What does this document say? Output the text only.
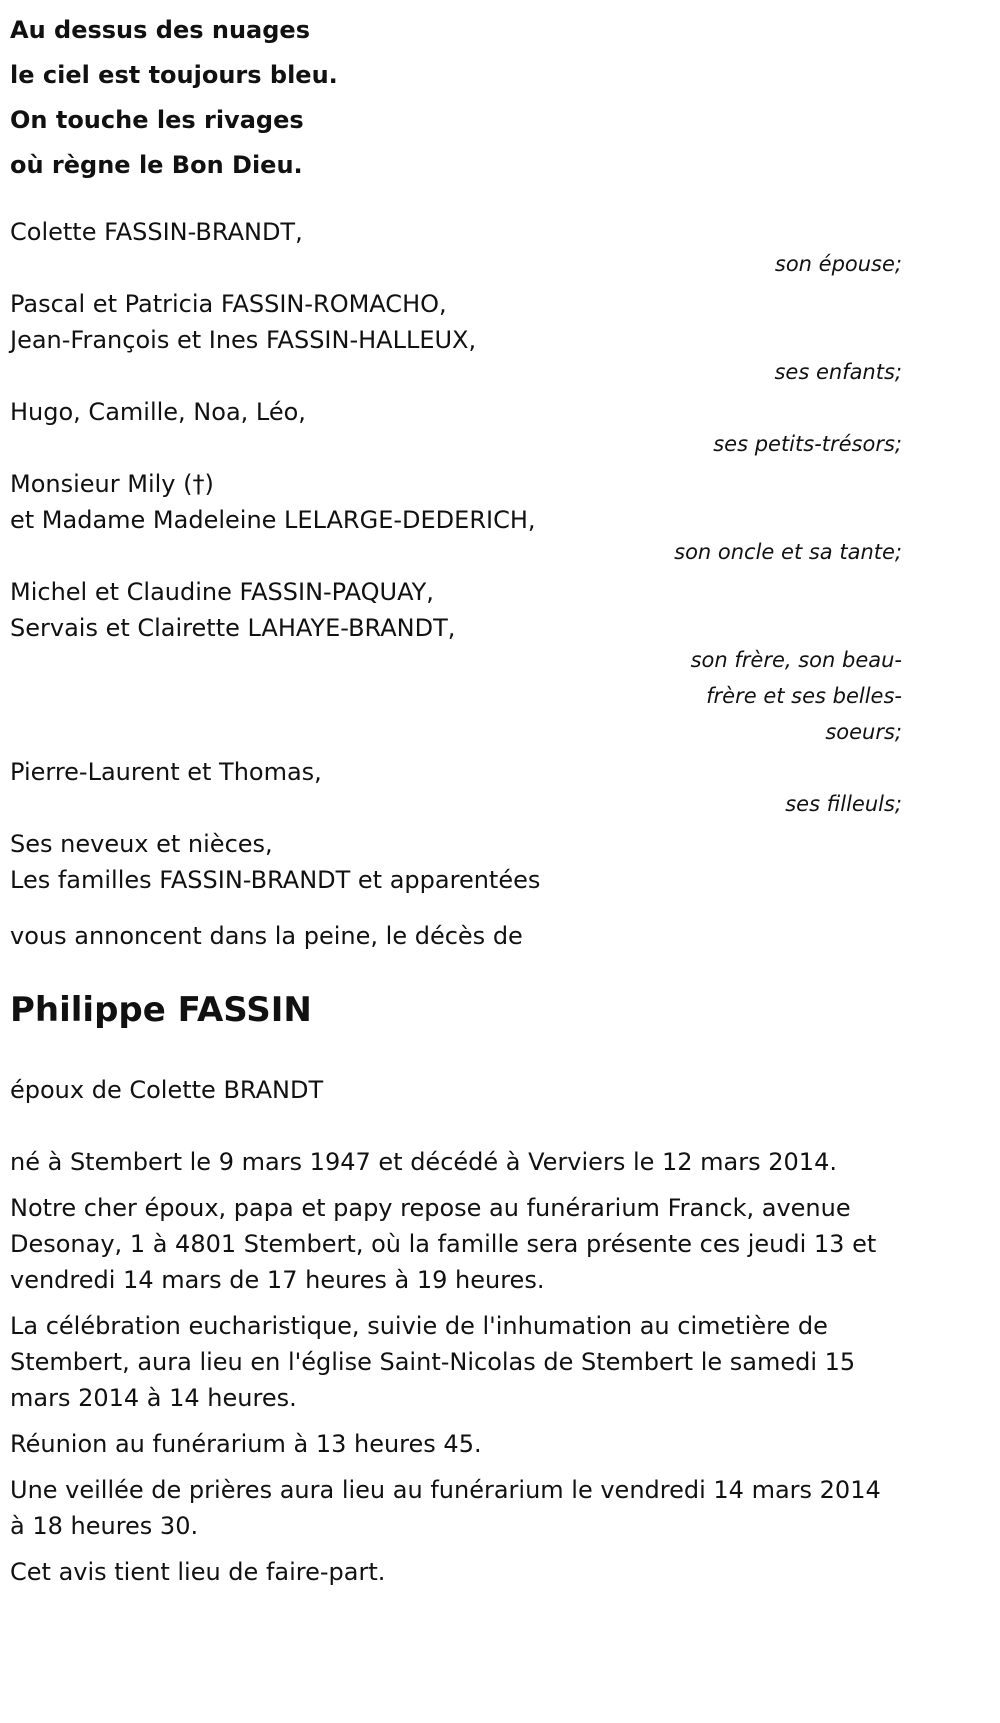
Au dessus des nuages
le ciel est toujours bleu.
On touche les rivages
où règne le Bon Dieu.
Colette FASSIN-BRANDT,
son épouse;
Pascal et Patricia FASSIN-ROMACHO,
Jean-François et Ines FASSIN-HALLEUX,
ses enfants;
Hugo, Camille, Noa, Léo,
ses petits-trésors;
Monsieur Mily (†)
et Madame Madeleine LELARGE-DEDERICH,
son oncle et sa tante;
Michel et Claudine FASSIN-PAQUAY,
Servais et Clairette LAHAYE-BRANDT,
son frère, son beau-frère et ses belles-soeurs;
Pierre-Laurent et Thomas,
ses filleuls;
Ses neveux et nièces,
Les familles FASSIN-BRANDT et apparentées
vous annoncent dans la peine, le décès de
Philippe FASSIN
époux de Colette BRANDT
né à Stembert le 9 mars 1947 et décédé à Verviers le 12 mars 2014.
Notre cher époux, papa et papy repose au funérarium Franck, avenue Desonay, 1 à 4801 Stembert, où la famille sera présente ces jeudi 13 et vendredi 14 mars de 17 heures à 19 heures.
La célébration eucharistique, suivie de l'inhumation au cimetière de Stembert, aura lieu en l'église Saint-Nicolas de Stembert le samedi 15 mars 2014 à 14 heures.
Réunion au funérarium à 13 heures 45.
Une veillée de prières aura lieu au funérarium le vendredi 14 mars 2014 à 18 heures 30.
Cet avis tient lieu de faire-part.
